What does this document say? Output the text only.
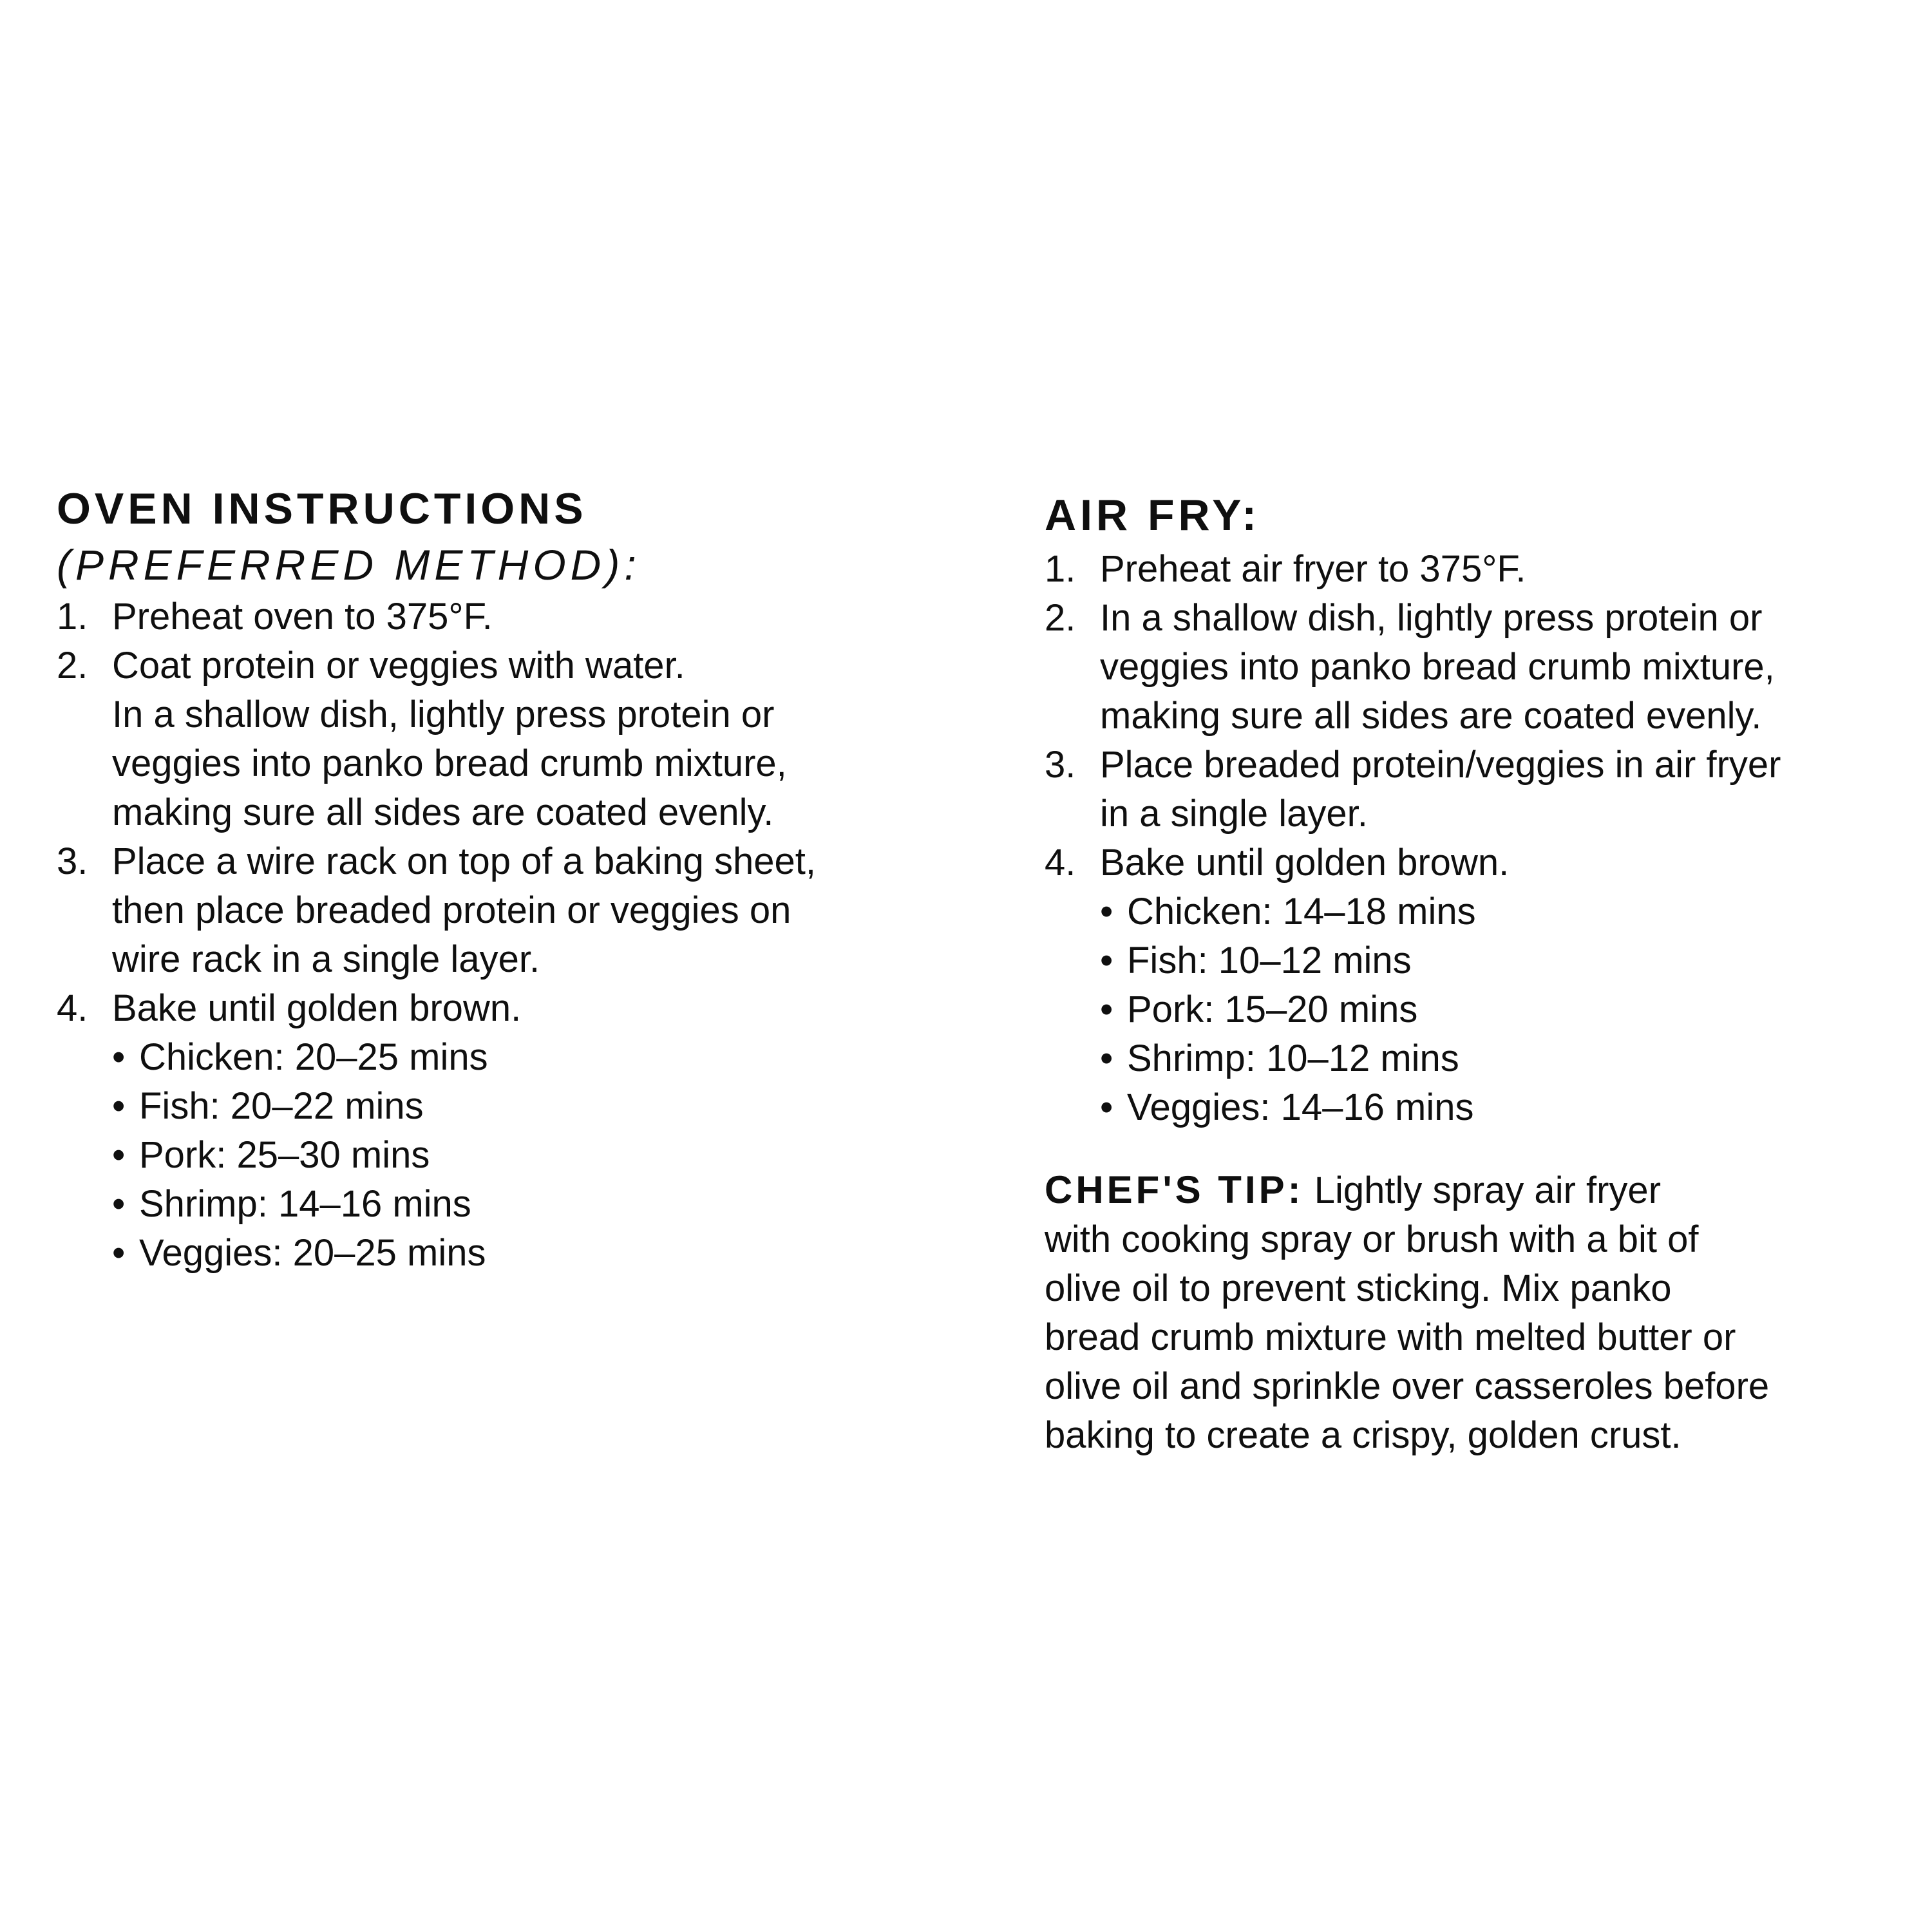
OVEN INSTRUCTIONS
(PREFERRED METHOD):
1. Preheat oven to 375°F.
2. Coat protein or veggies with water.
In a shallow dish, lightly press protein or
veggies into panko bread crumb mixture,
making sure all sides are coated evenly.
3. Place a wire rack on top of a baking sheet,
then place breaded protein or veggies on
wire rack in a single layer.
4. Bake until golden brown.
• Chicken: 20–25 mins
• Fish: 20–22 mins
• Pork: 25–30 mins
• Shrimp: 14–16 mins
• Veggies: 20–25 mins
AIR FRY:
1. Preheat air fryer to 375°F.
2. In a shallow dish, lightly press protein or
veggies into panko bread crumb mixture,
making sure all sides are coated evenly.
3. Place breaded protein/veggies in air fryer
in a single layer.
4. Bake until golden brown.
• Chicken: 14–18 mins
• Fish: 10–12 mins
• Pork: 15–20 mins
• Shrimp: 10–12 mins
• Veggies: 14–16 mins
CHEF'S TIP: Lightly spray air fryer
with cooking spray or brush with a bit of
olive oil to prevent sticking. Mix panko
bread crumb mixture with melted butter or
olive oil and sprinkle over casseroles before
baking to create a crispy, golden crust.
